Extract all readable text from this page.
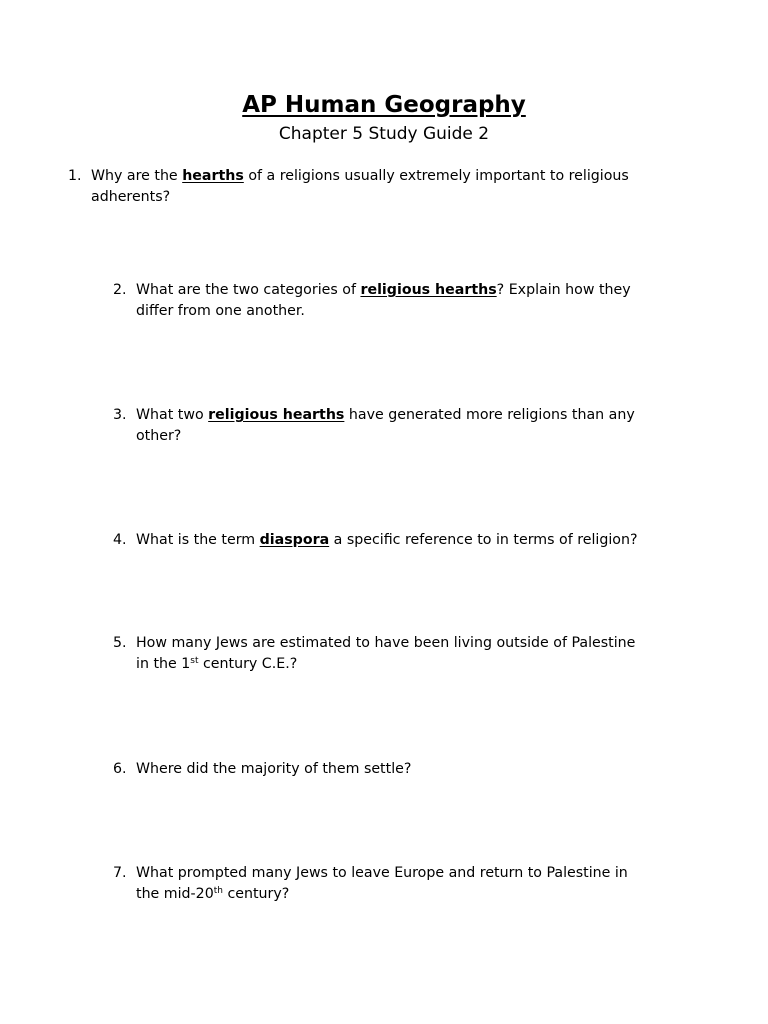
AP Human Geography
Chapter 5 Study Guide 2
1. Why are the hearths of a religions usually extremely important to religious
adherents?
2. What are the two categories of religious hearths? Explain how they
differ from one another.
3. What two religious hearths have generated more religions than any
other?
4. What is the term diaspora a specific reference to in terms of religion?
5. How many Jews are estimated to have been living outside of Palestine
in the 1st century C.E.?
6. Where did the majority of them settle?
7. What prompted many Jews to leave Europe and return to Palestine in
the mid-20th century?
